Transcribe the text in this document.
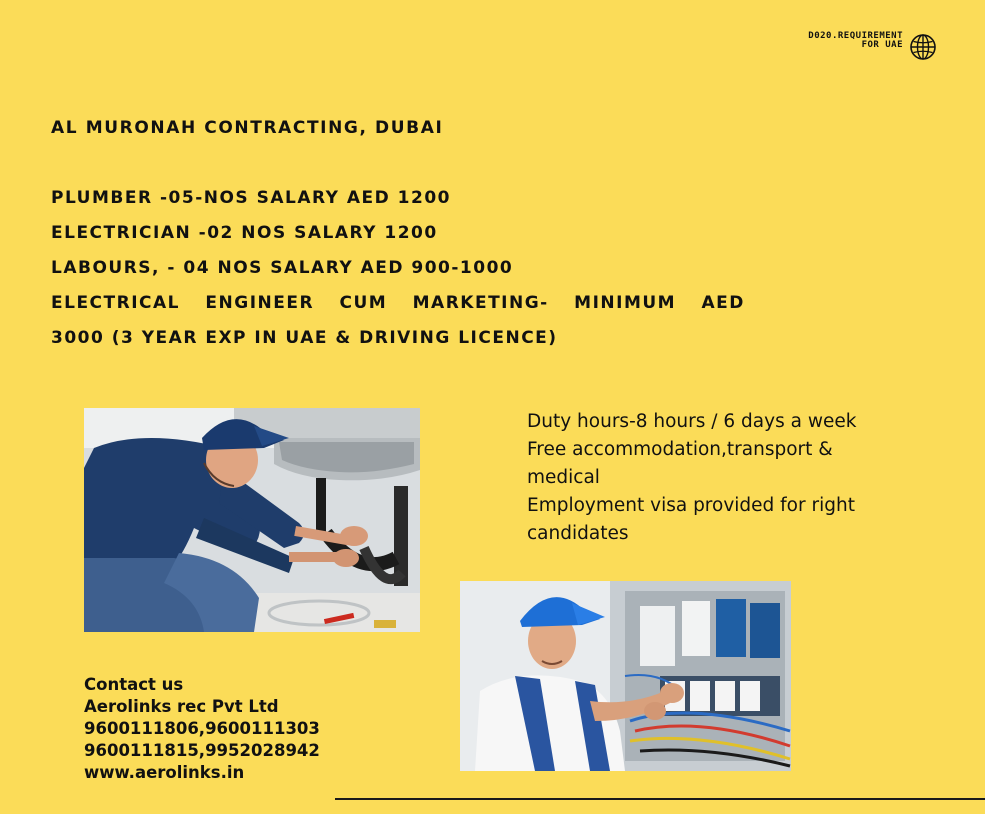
D020.REQUIREMENT
FOR UAE
AL MURONAH CONTRACTING, DUBAI
PLUMBER -05-NOS SALARY AED 1200
ELECTRICIAN -02 NOS SALARY 1200
LABOURS, - 04 NOS SALARY AED 900-1000
ELECTRICAL ENGINEER CUM MARKETING- MINIMUM AED
3000 (3 YEAR EXP IN UAE & DRIVING LICENCE)
Duty hours-8 hours / 6 days a week
Free accommodation,transport &
medical
Employment visa provided for right
candidates
Contact us
Aerolinks rec Pvt Ltd
9600111806,9600111303
9600111815,9952028942
www.aerolinks.in
